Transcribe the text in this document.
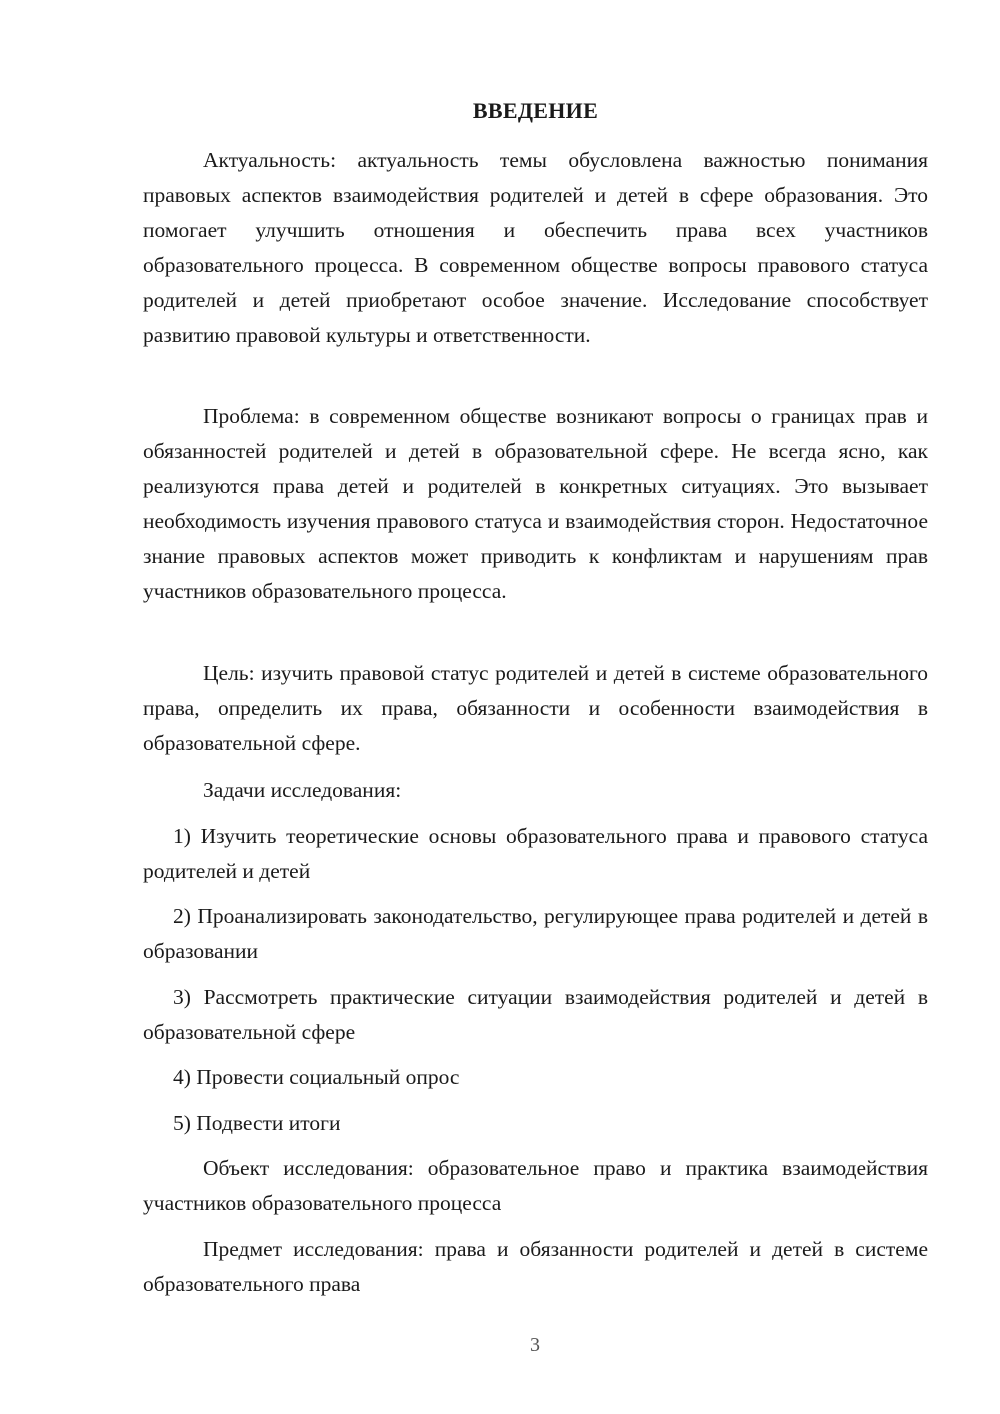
ВВЕДЕНИЕ

Актуальность: актуальность темы обусловлена важностью понимания правовых аспектов взаимодействия родителей и детей в сфере образования. Это помогает улучшить отношения и обеспечить права всех участников образовательного процесса. В современном обществе вопросы правового статуса родителей и детей приобретают особое значение. Исследование способствует развитию правовой культуры и ответственности.

Проблема: в современном обществе возникают вопросы о границах прав и обязанностей родителей и детей в образовательной сфере. Не всегда ясно, как реализуются права детей и родителей в конкретных ситуациях. Это вызывает необходимость изучения правового статуса и взаимодействия сторон. Недостаточное знание правовых аспектов может приводить к конфликтам и нарушениям прав участников образовательного процесса.

Цель: изучить правовой статус родителей и детей в системе образовательного права, определить их права, обязанности и особенности взаимодействия в образовательной сфере.

Задачи исследования:

1) Изучить теоретические основы образовательного права и правового статуса родителей и детей

2) Проанализировать законодательство, регулирующее права родителей и детей в образовании

3) Рассмотреть практические ситуации взаимодействия родителей и детей в образовательной сфере

4) Провести социальный опрос

5) Подвести итоги

Объект исследования: образовательное право и практика взаимодействия участников образовательного процесса

Предмет исследования: права и обязанности родителей и детей в системе образовательного права

3
